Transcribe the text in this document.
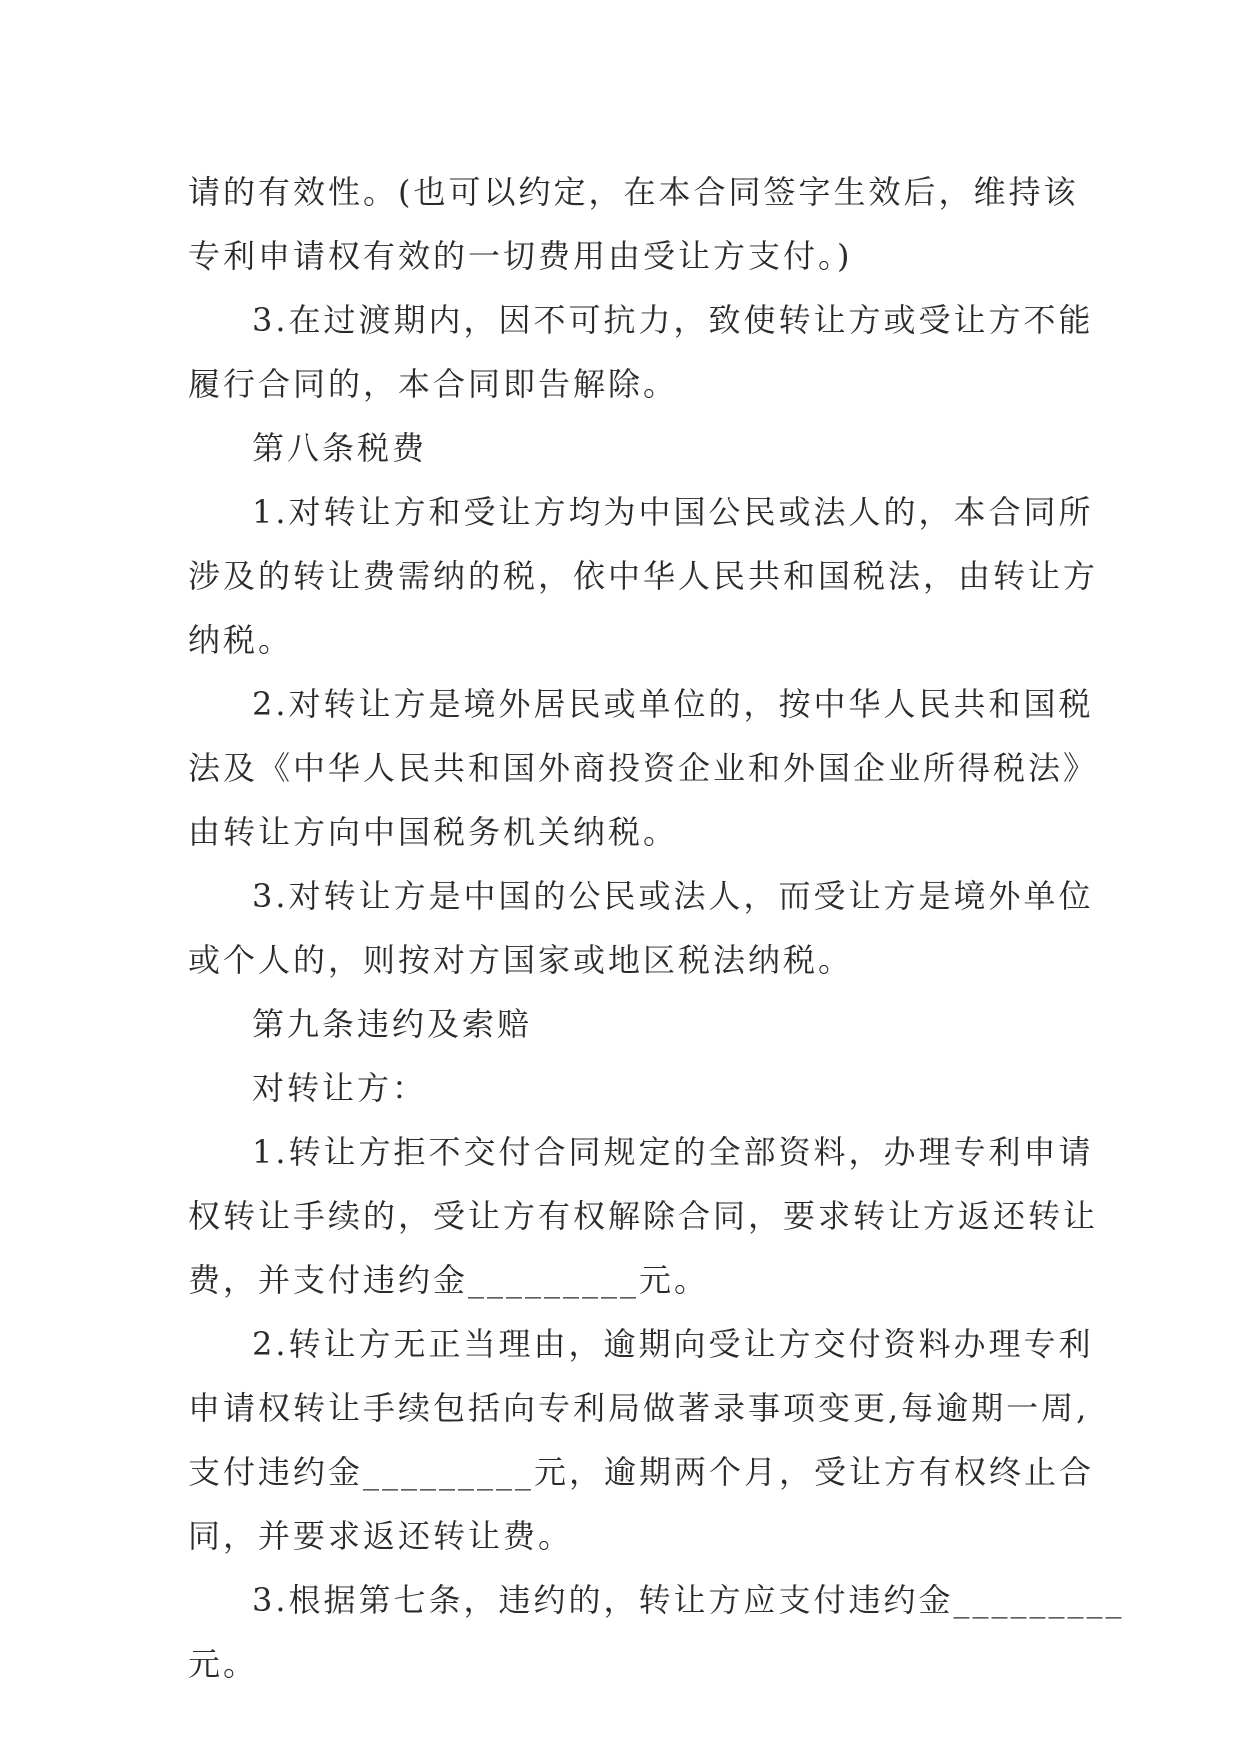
请的有效性。(也可以约定，在本合同签字生效后，维持该
专利申请权有效的一切费用由受让方支付。)
3.在过渡期内，因不可抗力，致使转让方或受让方不能
履行合同的，本合同即告解除。
第八条税费
1.对转让方和受让方均为中国公民或法人的，本合同所
涉及的转让费需纳的税，依中华人民共和国税法，由转让方
纳税。
2.对转让方是境外居民或单位的，按中华人民共和国税
法及《中华人民共和国外商投资企业和外国企业所得税法》
由转让方向中国税务机关纳税。
3.对转让方是中国的公民或法人，而受让方是境外单位
或个人的，则按对方国家或地区税法纳税。
第九条违约及索赔
对转让方：
1.转让方拒不交付合同规定的全部资料，办理专利申请
权转让手续的，受让方有权解除合同，要求转让方返还转让
费，并支付违约金_________元。
2.转让方无正当理由，逾期向受让方交付资料办理专利
申请权转让手续包括向专利局做著录事项变更,每逾期一周,
支付违约金_________元，逾期两个月，受让方有权终止合
同，并要求返还转让费。
3.根据第七条，违约的，转让方应支付违约金_________
元。
